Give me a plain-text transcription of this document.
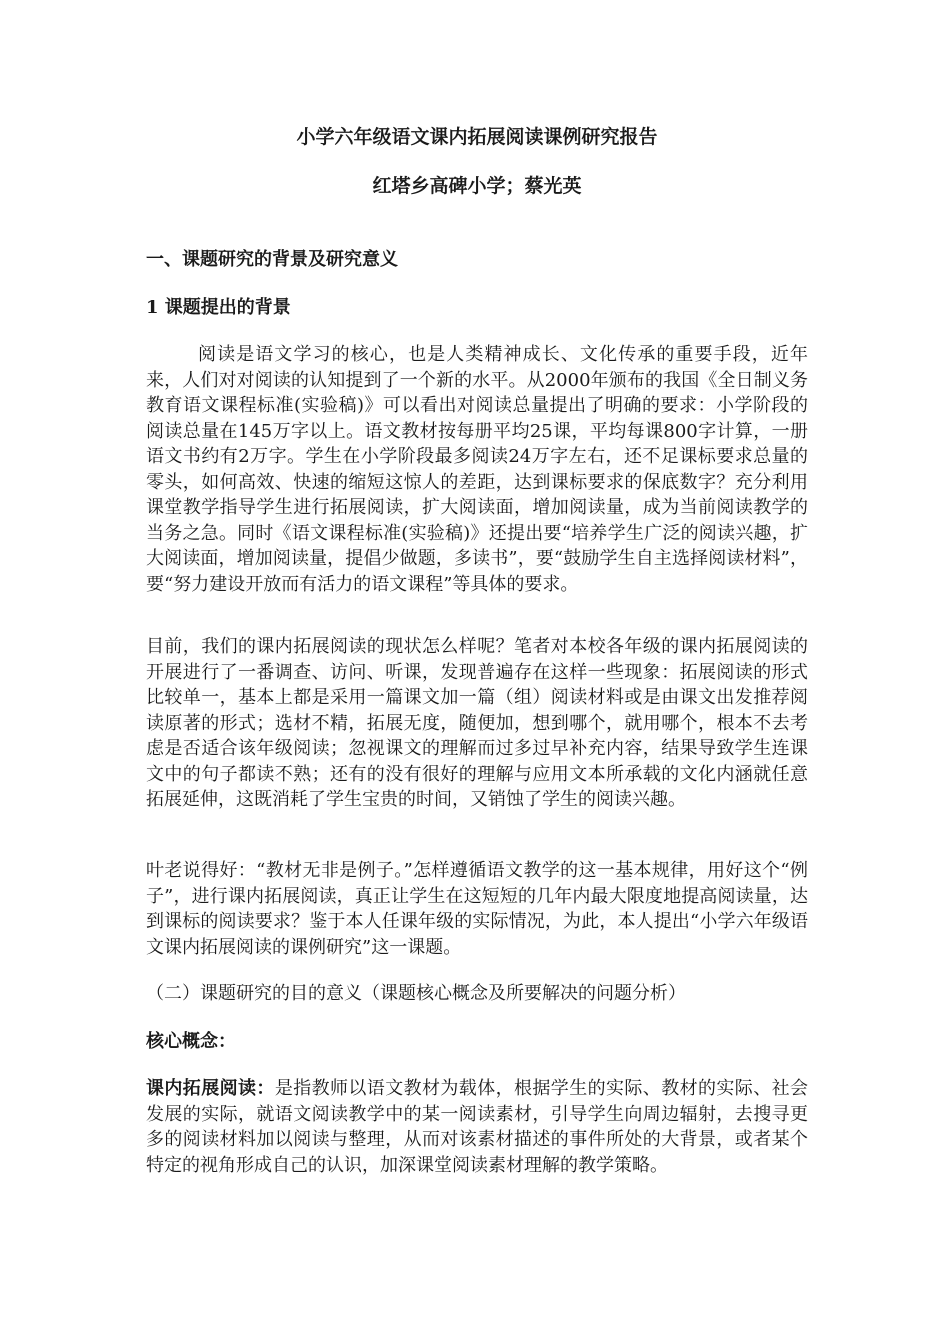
小学六年级语文课内拓展阅读课例研究报告
红塔乡高碑小学；蔡光英
一、课题研究的背景及研究意义
1 课题提出的背景
阅读是语文学习的核心，也是人类精神成长、文化传承的重要手段，近年来，人们对对阅读的认知提到了一个新的水平。从2000年颁布的我国《全日制义务教育语文课程标准(实验稿)》可以看出对阅读总量提出了明确的要求：小学阶段的阅读总量在145万字以上。语文教材按每册平均25课，平均每课800字计算，一册语文书约有2万字。学生在小学阶段最多阅读24万字左右，还不足课标要求总量的零头，如何高效、快速的缩短这惊人的差距，达到课标要求的保底数字？充分利用课堂教学指导学生进行拓展阅读，扩大阅读面，增加阅读量，成为当前阅读教学的当务之急。同时《语文课程标准(实验稿)》还提出要“培养学生广泛的阅读兴趣，扩大阅读面，增加阅读量，提倡少做题，多读书”，要“鼓励学生自主选择阅读材料”，要“努力建设开放而有活力的语文课程”等具体的要求。
目前，我们的课内拓展阅读的现状怎么样呢？笔者对本校各年级的课内拓展阅读的开展进行了一番调查、访问、听课，发现普遍存在这样一些现象：拓展阅读的形式比较单一，基本上都是采用一篇课文加一篇（组）阅读材料或是由课文出发推荐阅读原著的形式；选材不精，拓展无度，随便加，想到哪个，就用哪个，根本不去考虑是否适合该年级阅读；忽视课文的理解而过多过早补充内容，结果导致学生连课文中的句子都读不熟；还有的没有很好的理解与应用文本所承载的文化内涵就任意拓展延伸，这既消耗了学生宝贵的时间，又销蚀了学生的阅读兴趣。
叶老说得好：“教材无非是例子。”怎样遵循语文教学的这一基本规律，用好这个“例子”，进行课内拓展阅读，真正让学生在这短短的几年内最大限度地提高阅读量，达到课标的阅读要求？鉴于本人任课年级的实际情况，为此，本人提出“小学六年级语文课内拓展阅读的课例研究”这一课题。
（二）课题研究的目的意义（课题核心概念及所要解决的问题分析）
核心概念：
课内拓展阅读：是指教师以语文教材为载体，根据学生的实际、教材的实际、社会发展的实际，就语文阅读教学中的某一阅读素材，引导学生向周边辐射，去搜寻更多的阅读材料加以阅读与整理，从而对该素材描述的事件所处的大背景，或者某个特定的视角形成自己的认识，加深课堂阅读素材理解的教学策略。
